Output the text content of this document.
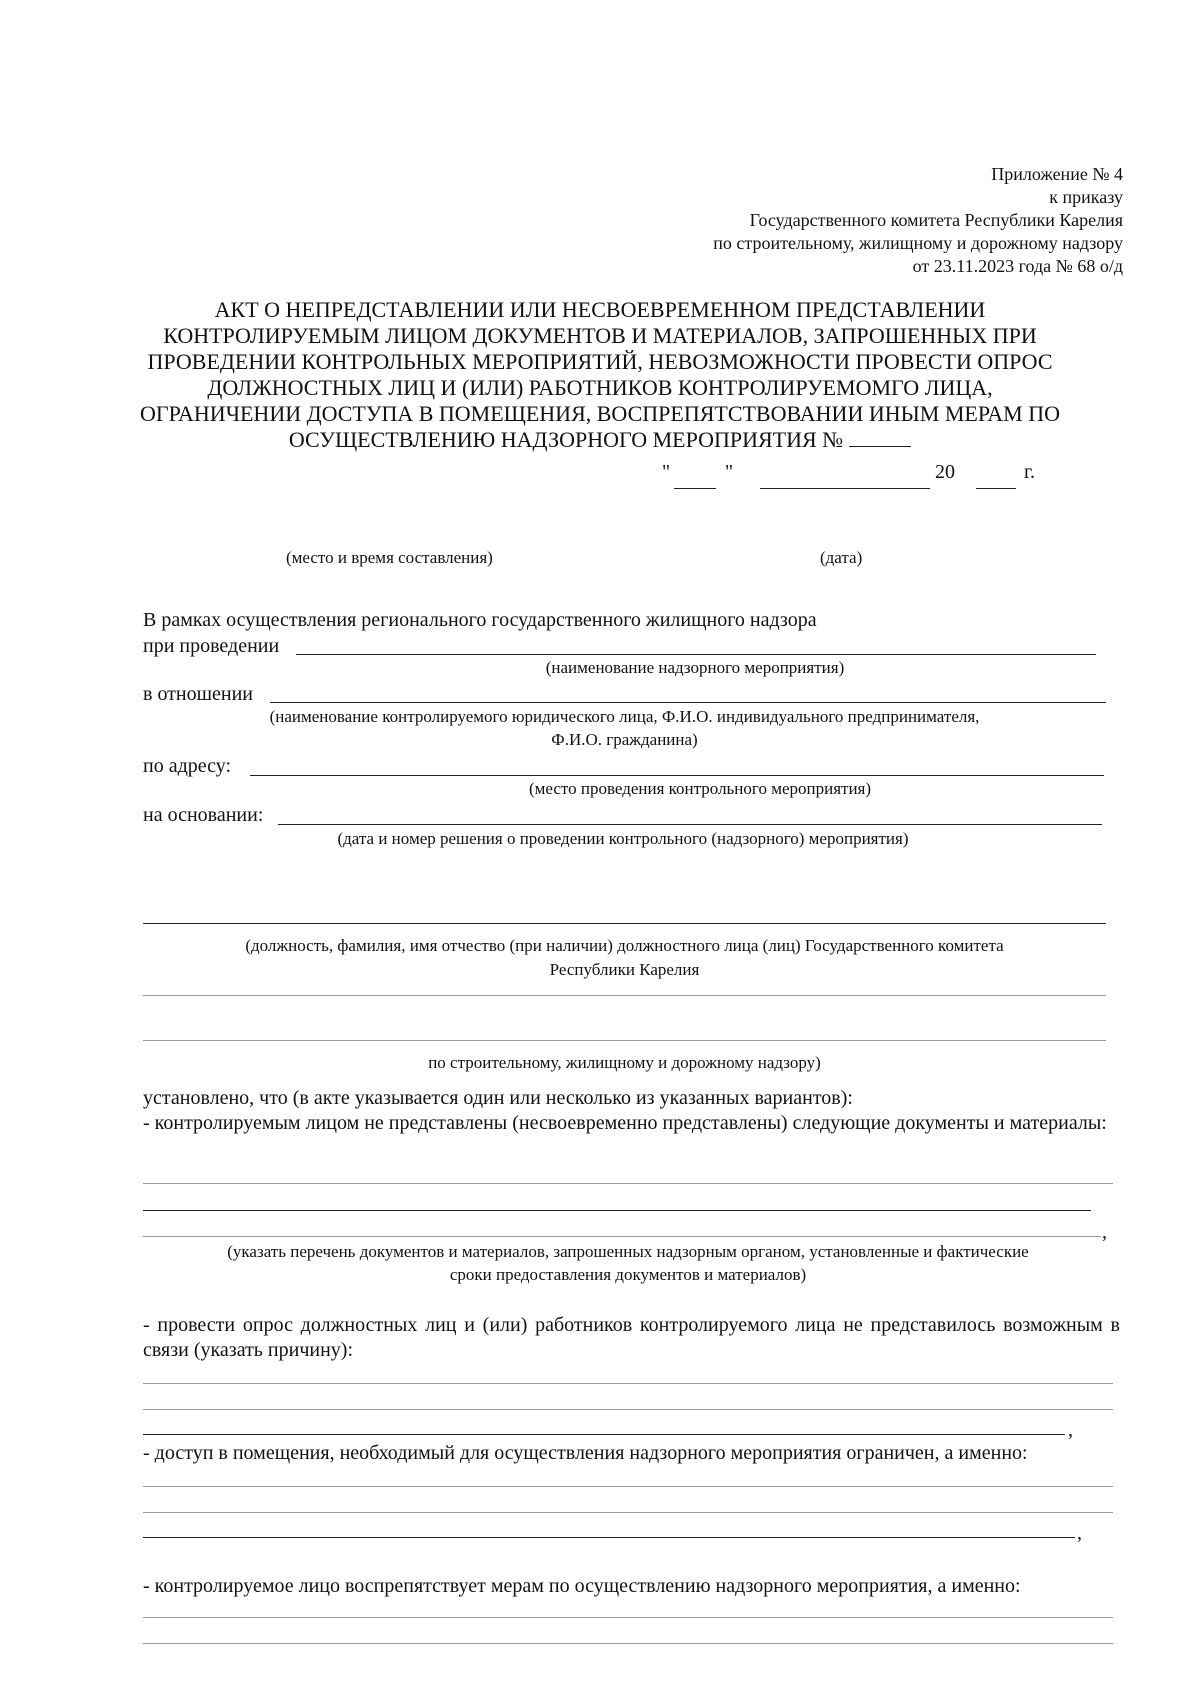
Приложение № 4
к приказу
Государственного комитета Республики Карелия
по строительному, жилищному и дорожному надзору
от 23.11.2023 года № 68 о/д
АКТ О НЕПРЕДСТАВЛЕНИИ ИЛИ НЕСВОЕВРЕМЕННОМ ПРЕДСТАВЛЕНИИ
КОНТРОЛИРУЕМЫМ ЛИЦОМ ДОКУМЕНТОВ И МАТЕРИАЛОВ, ЗАПРОШЕННЫХ ПРИ
ПРОВЕДЕНИИ КОНТРОЛЬНЫХ МЕРОПРИЯТИЙ, НЕВОЗМОЖНОСТИ ПРОВЕСТИ ОПРОС
ДОЛЖНОСТНЫХ ЛИЦ И (ИЛИ) РАБОТНИКОВ КОНТРОЛИРУЕМОМГО ЛИЦА,
ОГРАНИЧЕНИИ ДОСТУПА В ПОМЕЩЕНИЯ, ВОСПРЕПЯТСТВОВАНИИ ИНЫМ МЕРАМ ПО
ОСУЩЕСТВЛЕНИЮ НАДЗОРНОГО МЕРОПРИЯТИЯ №
"	"	20	г.
(место и время составления)	(дата)
В рамках осуществления регионального государственного жилищного надзора
при проведении
(наименование надзорного мероприятия)
в отношении
(наименование контролируемого юридического лица, Ф.И.О. индивидуального предпринимателя,
Ф.И.О. гражданина)
по адресу:
(место проведения контрольного мероприятия)
на основании:
(дата и номер решения о проведении контрольного (надзорного) мероприятия)
(должность, фамилия, имя отчество (при наличии) должностного лица (лиц) Государственного комитета
Республики Карелия
по строительному, жилищному и дорожному надзору)
установлено, что (в акте указывается один или несколько из указанных вариантов):
- контролируемым лицом не представлены (несвоевременно представлены) следующие документы и материалы:
,
(указать перечень документов и материалов, запрошенных надзорным органом, установленные и фактические
сроки предоставления документов и материалов)
- провести опрос должностных лиц и (или) работников контролируемого лица не представилось возможным в связи (указать причину):
,
- доступ в помещения, необходимый для осуществления надзорного мероприятия ограничен, а именно:
,
- контролируемое лицо воспрепятствует мерам по осуществлению надзорного мероприятия, а именно:
